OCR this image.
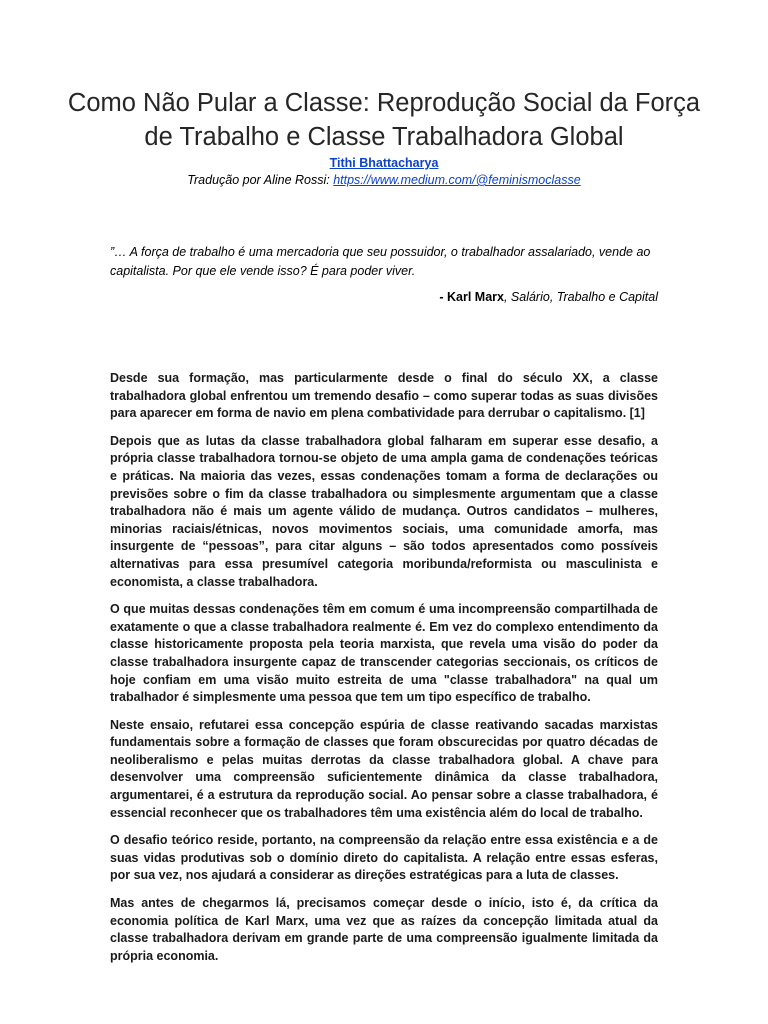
Como Não Pular a Classe: Reprodução Social da Força de Trabalho e Classe Trabalhadora Global
Tithi Bhattacharya
Tradução por Aline Rossi: https://www.medium.com/@feminismoclasse

”… A força de trabalho é uma mercadoria que seu possuidor, o trabalhador assalariado, vende ao capitalista. Por que ele vende isso? É para poder viver.

- Karl Marx, Salário, Trabalho e Capital

Desde sua formação, mas particularmente desde o final do século XX, a classe trabalhadora global enfrentou um tremendo desafio – como superar todas as suas divisões para aparecer em forma de navio em plena combatividade para derrubar o capitalismo. [1]

Depois que as lutas da classe trabalhadora global falharam em superar esse desafio, a própria classe trabalhadora tornou-se objeto de uma ampla gama de condenações teóricas e práticas. Na maioria das vezes, essas condenações tomam a forma de declarações ou previsões sobre o fim da classe trabalhadora ou simplesmente argumentam que a classe trabalhadora não é mais um agente válido de mudança. Outros candidatos – mulheres, minorias raciais/étnicas, novos movimentos sociais, uma comunidade amorfa, mas insurgente de “pessoas”, para citar alguns – são todos apresentados como possíveis alternativas para essa presumível categoria moribunda/reformista ou masculinista e economista, a classe trabalhadora.

O que muitas dessas condenações têm em comum é uma incompreensão compartilhada de exatamente o que a classe trabalhadora realmente é. Em vez do complexo entendimento da classe historicamente proposta pela teoria marxista, que revela uma visão do poder da classe trabalhadora insurgente capaz de transcender categorias seccionais, os críticos de hoje confiam em uma visão muito estreita de uma "classe trabalhadora" na qual um trabalhador é simplesmente uma pessoa que tem um tipo específico de trabalho.

Neste ensaio, refutarei essa concepção espúria de classe reativando sacadas marxistas fundamentais sobre a formação de classes que foram obscurecidas por quatro décadas de neoliberalismo e pelas muitas derrotas da classe trabalhadora global. A chave para desenvolver uma compreensão suficientemente dinâmica da classe trabalhadora, argumentarei, é a estrutura da reprodução social. Ao pensar sobre a classe trabalhadora, é essencial reconhecer que os trabalhadores têm uma existência além do local de trabalho.

O desafio teórico reside, portanto, na compreensão da relação entre essa existência e a de suas vidas produtivas sob o domínio direto do capitalista. A relação entre essas esferas, por sua vez, nos ajudará a considerar as direções estratégicas para a luta de classes.

Mas antes de chegarmos lá, precisamos começar desde o início, isto é, da crítica da economia política de Karl Marx, uma vez que as raízes da concepção limitada atual da classe trabalhadora derivam em grande parte de uma compreensão igualmente limitada da própria economia.
